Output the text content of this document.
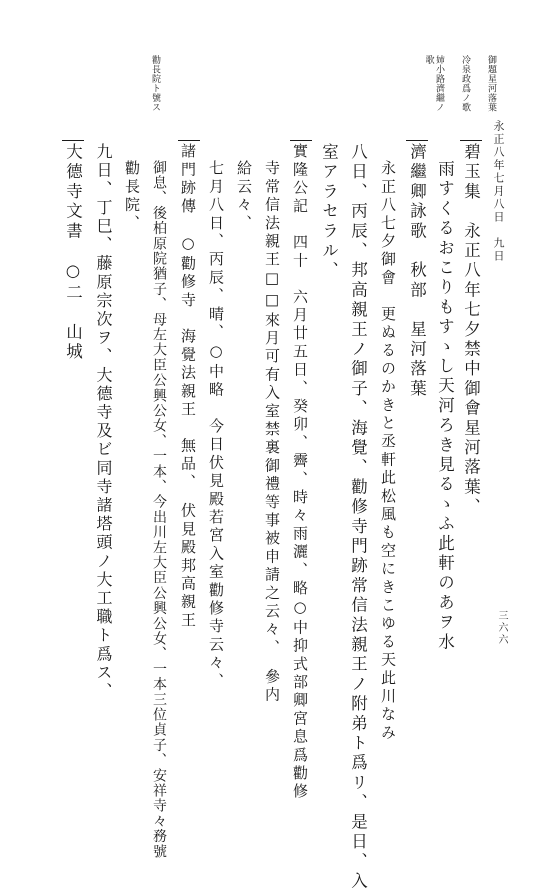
永正八年七月八日　九日
三六六
御題星河落葉
冷泉政爲ノ歌
姉小路濟繼ノ歌
勸長院ト號ス
碧玉集　永正八年七夕禁中御會星河落葉、
雨すくるおこりもすゝし天河ろき見るゝふ此軒のあヲ水
濟繼卿詠歌　秋部　星河落葉
永正八七夕御會　更ぬるのかきと丞軒此松風も空にきこゆる天此川なみ
八日、丙辰、邦高親王ノ御子、海覺、勸修寺門跡常信法親王ノ附弟ト爲リ、是日、入
室アラセラル、
實隆公記　四十　六月廿五日、癸卯、霽、時々雨灑、略○中抑式部卿宮息爲勸修
寺常信法親王□□來月可有入室禁裏御禮等事被申請之云々、　參内
給云々、
七月八日、丙辰、晴、○中略　今日伏見殿若宮入室勸修寺云々、
諸門跡傳　○勸修寺　海覺法親王　無品、　伏見殿邦高親王
御息、後柏原院猶子、母左大臣公興公女、一本、今出川左大臣公興公女、一本三位貞子、安祥寺々務號
勸長院、
九日、丁巳、藤原宗次ヲ、大德寺及ビ同寺諸塔頭ノ大工職ト爲ス、
大德寺文書　○二　山城
